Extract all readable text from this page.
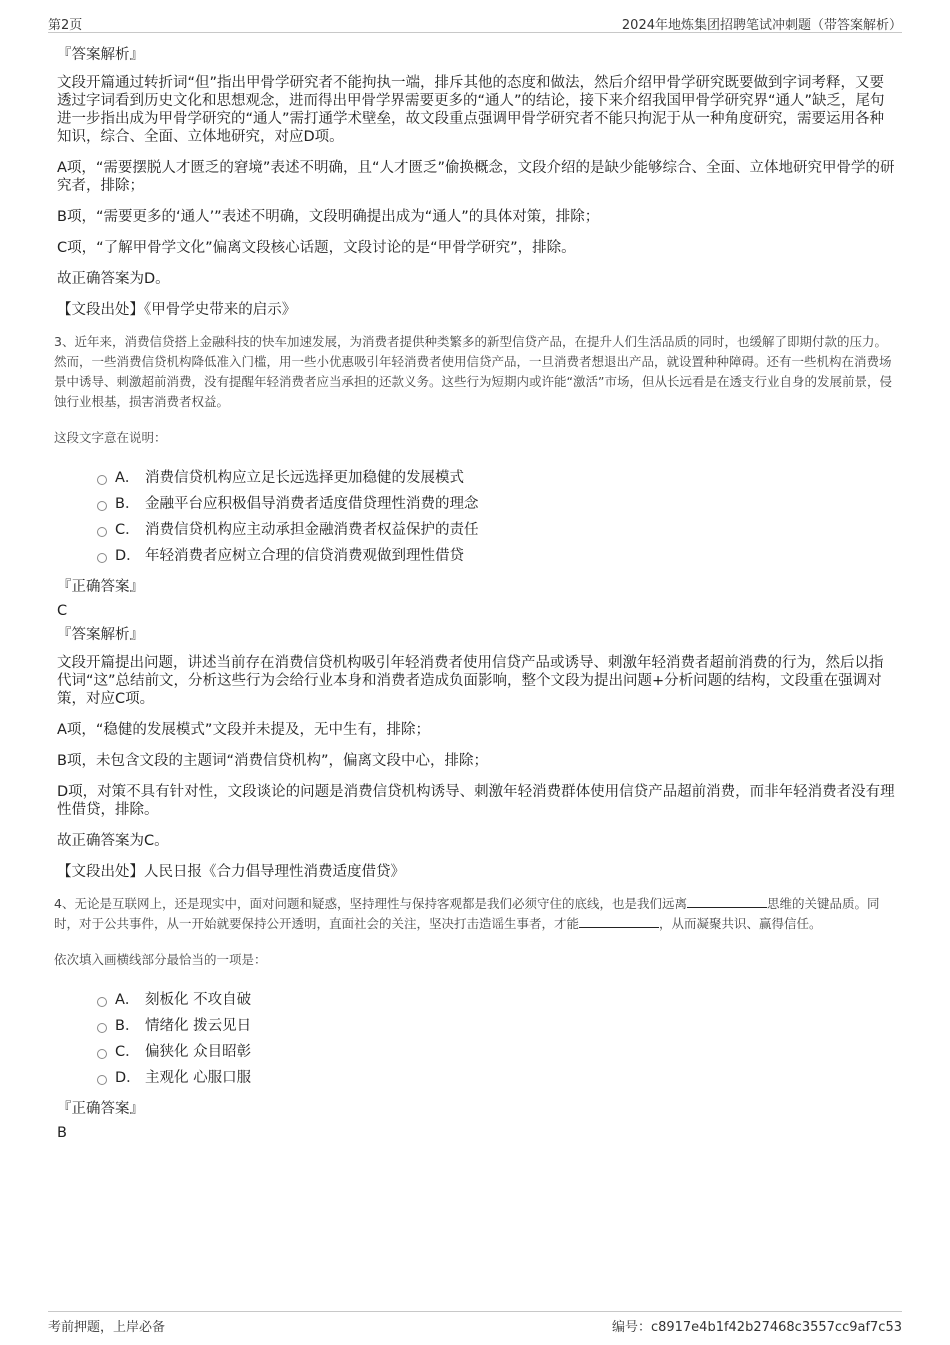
第2页	2024年地炼集团招聘笔试冲刺题（带答案解析）
『答案解析』

文段开篇通过转折词“但”指出甲骨学研究者不能拘执一端，排斥其他的态度和做法，然后介绍甲骨学研究既要做到字词考释，又要透过字词看到历史文化和思想观念，进而得出甲骨学界需要更多的“通人”的结论，接下来介绍我国甲骨学研究界“通人”缺乏，尾句进一步指出成为甲骨学研究的“通人”需打通学术壁垒，故文段重点强调甲骨学研究者不能只拘泥于从一种角度研究，需要运用各种知识，综合、全面、立体地研究，对应D项。

A项，“需要摆脱人才匮乏的窘境”表述不明确，且“人才匮乏”偷换概念，文段介绍的是缺少能够综合、全面、立体地研究甲骨学的研究者，排除；

B项，“需要更多的‘通人’”表述不明确，文段明确提出成为“通人”的具体对策，排除；

C项，“了解甲骨学文化”偏离文段核心话题，文段讨论的是“甲骨学研究”，排除。

故正确答案为D。

【文段出处】《甲骨学史带来的启示》

3、近年来，消费信贷搭上金融科技的快车加速发展，为消费者提供种类繁多的新型信贷产品，在提升人们生活品质的同时，也缓解了即期付款的压力。然而，一些消费信贷机构降低准入门槛，用一些小优惠吸引年轻消费者使用信贷产品，一旦消费者想退出产品，就设置种种障碍。还有一些机构在消费场景中诱导、刺激超前消费，没有提醒年轻消费者应当承担的还款义务。这些行为短期内或许能“激活”市场，但从长远看是在透支行业自身的发展前景，侵蚀行业根基，损害消费者权益。

这段文字意在说明：

A． 消费信贷机构应立足长远选择更加稳健的发展模式
B． 金融平台应积极倡导消费者适度借贷理性消费的理念
C． 消费信贷机构应主动承担金融消费者权益保护的责任
D． 年轻消费者应树立合理的信贷消费观做到理性借贷
『正确答案』
C
『答案解析』

文段开篇提出问题，讲述当前存在消费信贷机构吸引年轻消费者使用信贷产品或诱导、刺激年轻消费者超前消费的行为，然后以指代词“这”总结前文，分析这些行为会给行业本身和消费者造成负面影响，整个文段为提出问题+分析问题的结构，文段重在强调对策，对应C项。

A项，“稳健的发展模式”文段并未提及，无中生有，排除；

B项，未包含文段的主题词“消费信贷机构”，偏离文段中心，排除；

D项，对策不具有针对性，文段谈论的问题是消费信贷机构诱导、刺激年轻消费群体使用信贷产品超前消费，而非年轻消费者没有理性借贷，排除。

故正确答案为C。

【文段出处】人民日报《合力倡导理性消费适度借贷》

4、无论是互联网上，还是现实中，面对问题和疑惑，坚持理性与保持客观都是我们必须守住的底线，也是我们远离	思维的关键品质。同时，对于公共事件，从一开始就要保持公开透明，直面社会的关注，坚决打击造谣生事者，才能	，从而凝聚共识、赢得信任。

依次填入画横线部分最恰当的一项是：

A． 刻板化 不攻自破
B． 情绪化 拨云见日
C． 偏狭化 众目昭彰
D． 主观化 心服口服
『正确答案』
B
考前押题，上岸必备	编号：c8917e4b1f42b27468c3557cc9af7c53
